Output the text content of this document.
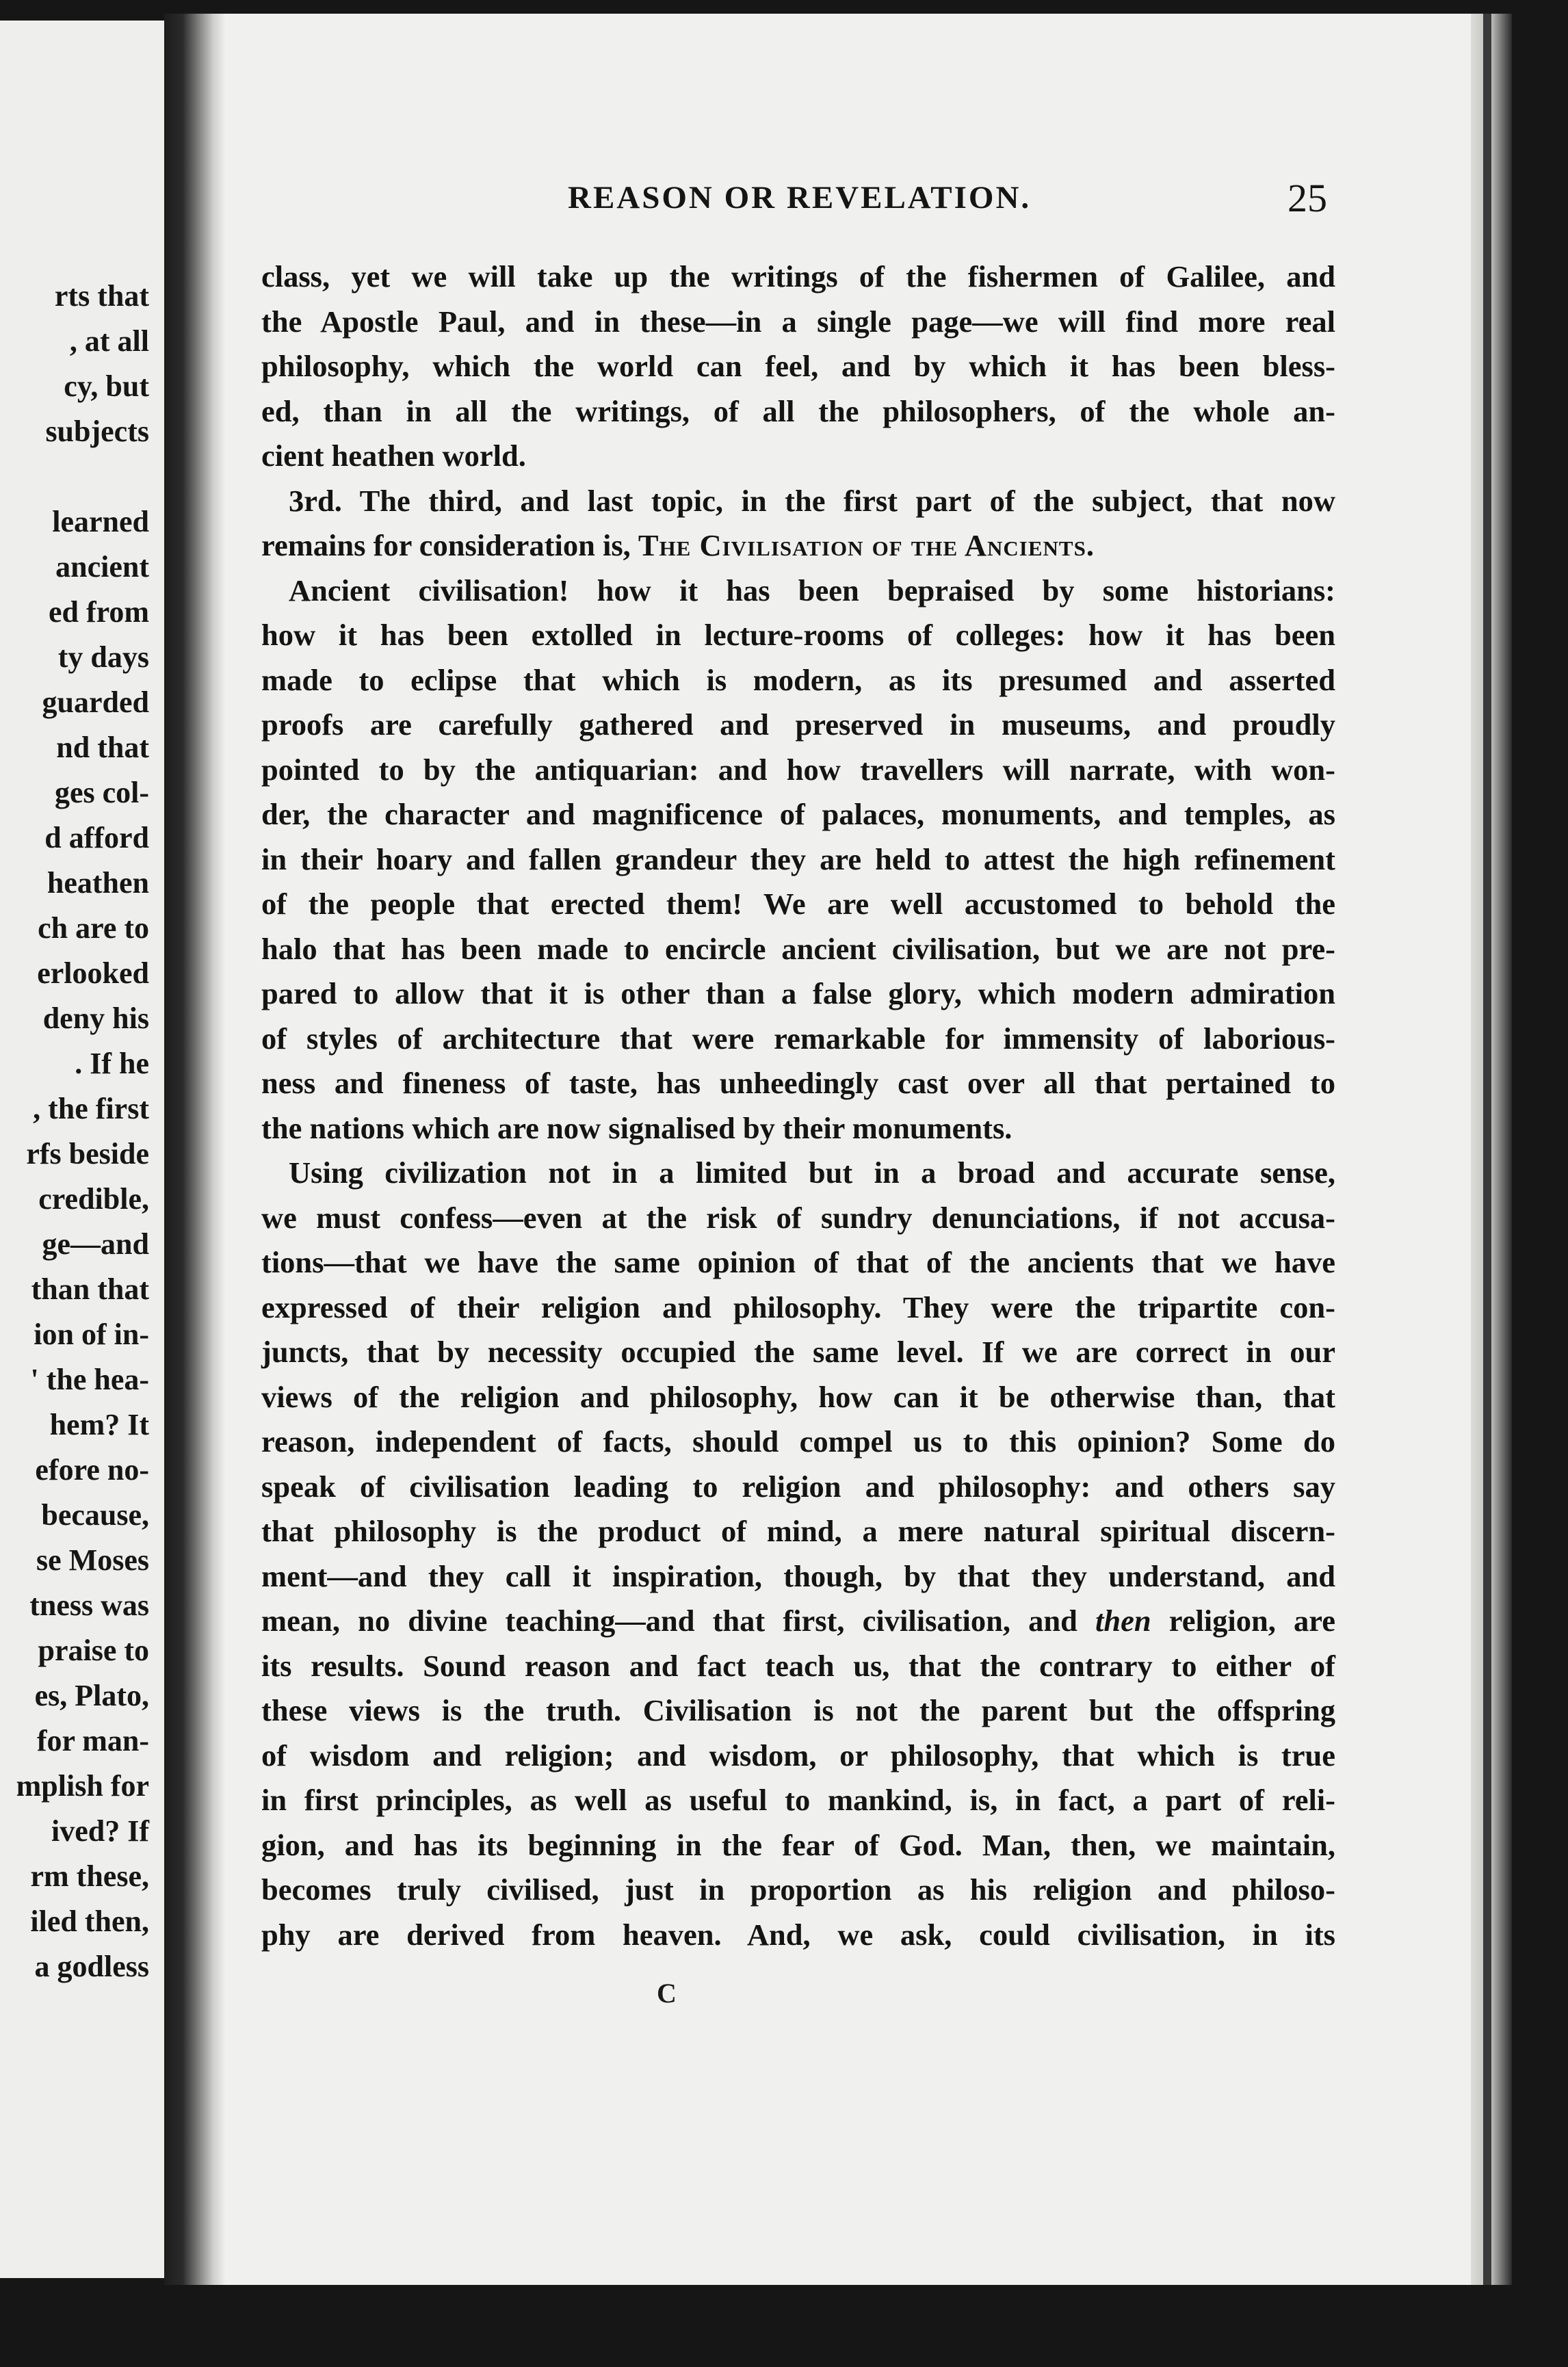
rts that
, at all
cy, but
subjects
learned
ancient
ed from
ty days
guarded
nd that
ges col-
d afford
heathen
ch are to
erlooked
deny his
. If he
, the first
rfs beside
credible,
ge—and
than that
ion of in-
' the hea-
hem? It
efore no-
because,
se Moses
tness was
praise to
es, Plato,
for man-
mplish for
ived? If
rm these,
iled then,
a godless
REASON OR REVELATION.	25
class, yet we will take up the writings of the fishermen of Galilee, and
the Apostle Paul, and in these—in a single page—we will find more real
philosophy, which the world can feel, and by which it has been bless-
ed, than in all the writings, of all the philosophers, of the whole an-
cient heathen world.
3rd. The third, and last topic, in the first part of the subject, that now
remains for consideration is, The Civilisation of the Ancients.
Ancient civilisation! how it has been bepraised by some historians:
how it has been extolled in lecture-rooms of colleges: how it has been
made to eclipse that which is modern, as its presumed and asserted
proofs are carefully gathered and preserved in museums, and proudly
pointed to by the antiquarian: and how travellers will narrate, with won-
der, the character and magnificence of palaces, monuments, and temples, as
in their hoary and fallen grandeur they are held to attest the high refinement
of the people that erected them! We are well accustomed to behold the
halo that has been made to encircle ancient civilisation, but we are not pre-
pared to allow that it is other than a false glory, which modern admiration
of styles of architecture that were remarkable for immensity of laborious-
ness and fineness of taste, has unheedingly cast over all that pertained to
the nations which are now signalised by their monuments.
Using civilization not in a limited but in a broad and accurate sense,
we must confess—even at the risk of sundry denunciations, if not accusa-
tions—that we have the same opinion of that of the ancients that we have
expressed of their religion and philosophy. They were the tripartite con-
juncts, that by necessity occupied the same level. If we are correct in our
views of the religion and philosophy, how can it be otherwise than, that
reason, independent of facts, should compel us to this opinion? Some do
speak of civilisation leading to religion and philosophy: and others say
that philosophy is the product of mind, a mere natural spiritual discern-
ment—and they call it inspiration, though, by that they understand, and
mean, no divine teaching—and that first, civilisation, and then religion, are
its results. Sound reason and fact teach us, that the contrary to either of
these views is the truth. Civilisation is not the parent but the offspring
of wisdom and religion; and wisdom, or philosophy, that which is true
in first principles, as well as useful to mankind, is, in fact, a part of reli-
gion, and has its beginning in the fear of God. Man, then, we maintain,
becomes truly civilised, just in proportion as his religion and philoso-
phy are derived from heaven. And, we ask, could civilisation, in its
C
